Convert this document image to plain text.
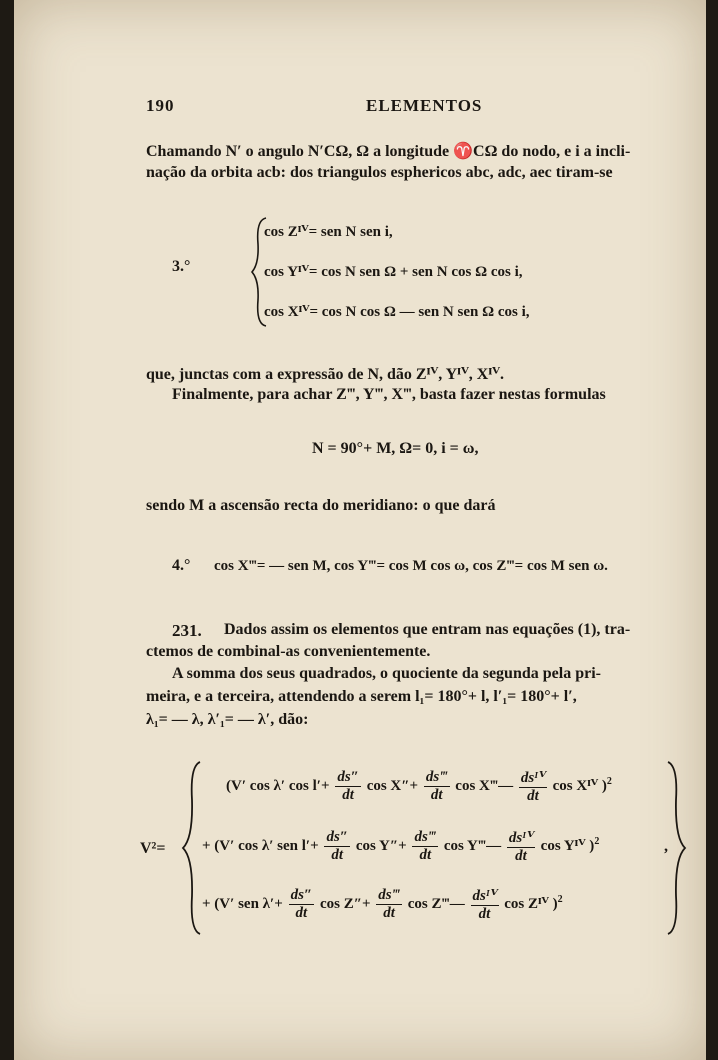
190	ELEMENTOS
Chamando N′ o angulo N′CΩ, Ω a longitude ♈CΩ do nodo, e i a incli-
nação da orbita acb: dos triangulos esphericos abc, adc, aec tiram-se
3.°
cos Zᴵⱽ= sen N sen i,
cos Yᴵⱽ= cos N sen Ω + sen N cos Ω cos i,
cos Xᴵⱽ= cos N cos Ω — sen N sen Ω cos i,
que, junctas com a expressão de N, dão Zᴵⱽ, Yᴵⱽ, Xᴵⱽ.
Finalmente, para achar Z‴, Y‴, X‴, basta fazer nestas formulas
N = 90°+ M, Ω= 0, i = ω,
sendo M a ascensão recta do meridiano: o que dará
4.° cos X‴= — sen M, cos Y‴= cos M cos ω, cos Z‴= cos M sen ω.
231. Dados assim os elementos que entram nas equações (1), tra-
ctemos de combinal-as convenientemente.
A somma dos seus quadrados, o quociente da segunda pela pri-
meira, e a terceira, attendendo a serem l₁= 180°+ l, l′₁= 180°+ l′,
λ₁= — λ, λ′₁= — λ′, dão:
V²=	,
(V′ cos λ′ $\cos l'+ \frac{ds''}{dt}$ $\cos X''+ \frac{ds‴}{dt}$ cos X‴— $\frac{\text{dsᴵⱽ}}{dt}$ cos Xᴵⱽ )$^2$
+ (V′ cos λ′ sen $l'+ \frac{ds''}{dt}$ $\cos Y''+ \frac{ds‴}{dt}$ cos Y‴— $\frac{\text{dsᴵⱽ}}{dt}$ cos Yᴵⱽ )$^2$
+ (V′ sen $\lambda'+ \frac{ds''}{dt}$ $\cos Z''+ \frac{ds‴}{dt}$ cos Z‴— $\frac{\text{dsᴵⱽ}}{dt}$ cos Zᴵⱽ )$^2$
